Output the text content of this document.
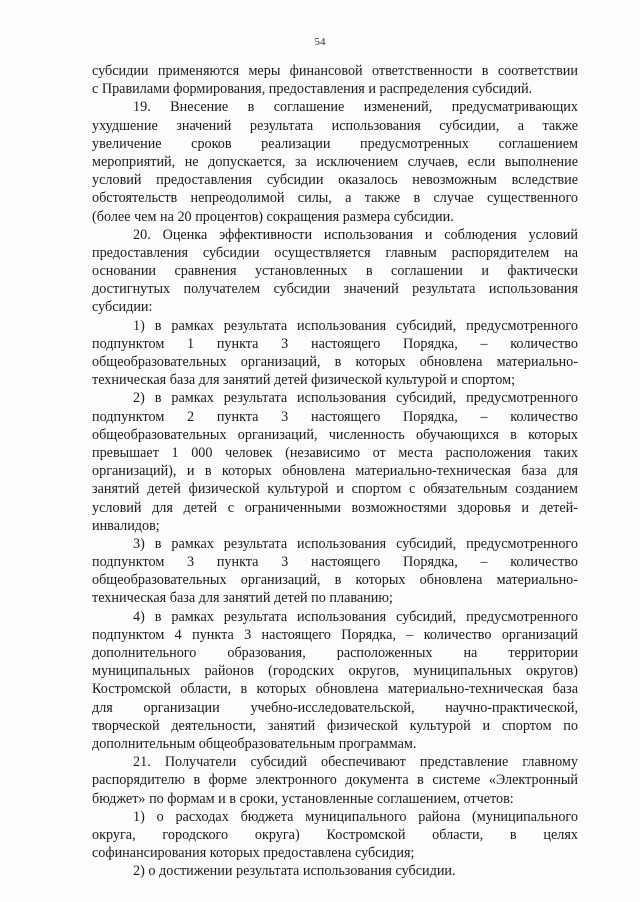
54
субсидии применяются меры финансовой ответственности в соответствии
с Правилами формирования, предоставления и распределения субсидий.
19. Внесение в соглашение изменений, предусматривающих
ухудшение значений результата использования субсидии, а также
увеличение сроков реализации предусмотренных соглашением
мероприятий, не допускается, за исключением случаев, если выполнение
условий предоставления субсидии оказалось невозможным вследствие
обстоятельств непреодолимой силы, а также в случае существенного
(более чем на 20 процентов) сокращения размера субсидии.
20. Оценка эффективности использования и соблюдения условий
предоставления субсидии осуществляется главным распорядителем на
основании сравнения установленных в соглашении и фактически
достигнутых получателем субсидии значений результата использования
субсидии:
1) в рамках результата использования субсидий, предусмотренного
подпунктом 1 пункта 3 настоящего Порядка, – количество
общеобразовательных организаций, в которых обновлена материально-
техническая база для занятий детей физической культурой и спортом;
2) в рамках результата использования субсидий, предусмотренного
подпунктом 2 пункта 3 настоящего Порядка, – количество
общеобразовательных организаций, численность обучающихся в которых
превышает 1 000 человек (независимо от места расположения таких
организаций), и в которых обновлена материально-техническая база для
занятий детей физической культурой и спортом с обязательным созданием
условий для детей с ограниченными возможностями здоровья и детей-
инвалидов;
3) в рамках результата использования субсидий, предусмотренного
подпунктом 3 пункта 3 настоящего Порядка, – количество
общеобразовательных организаций, в которых обновлена материально-
техническая база для занятий детей по плаванию;
4) в рамках результата использования субсидий, предусмотренного
подпунктом 4 пункта 3 настоящего Порядка, – количество организаций
дополнительного образования, расположенных на территории
муниципальных районов (городских округов, муниципальных округов)
Костромской области, в которых обновлена материально-техническая база
для организации учебно-исследовательской, научно-практической,
творческой деятельности, занятий физической культурой и спортом по
дополнительным общеобразовательным программам.
21. Получатели субсидий обеспечивают представление главному
распорядителю в форме электронного документа в системе «Электронный
бюджет» по формам и в сроки, установленные соглашением, отчетов:
1) о расходах бюджета муниципального района (муниципального
округа, городского округа) Костромской области, в целях
софинансирования которых предоставлена субсидия;
2) о достижении результата использования субсидии.
